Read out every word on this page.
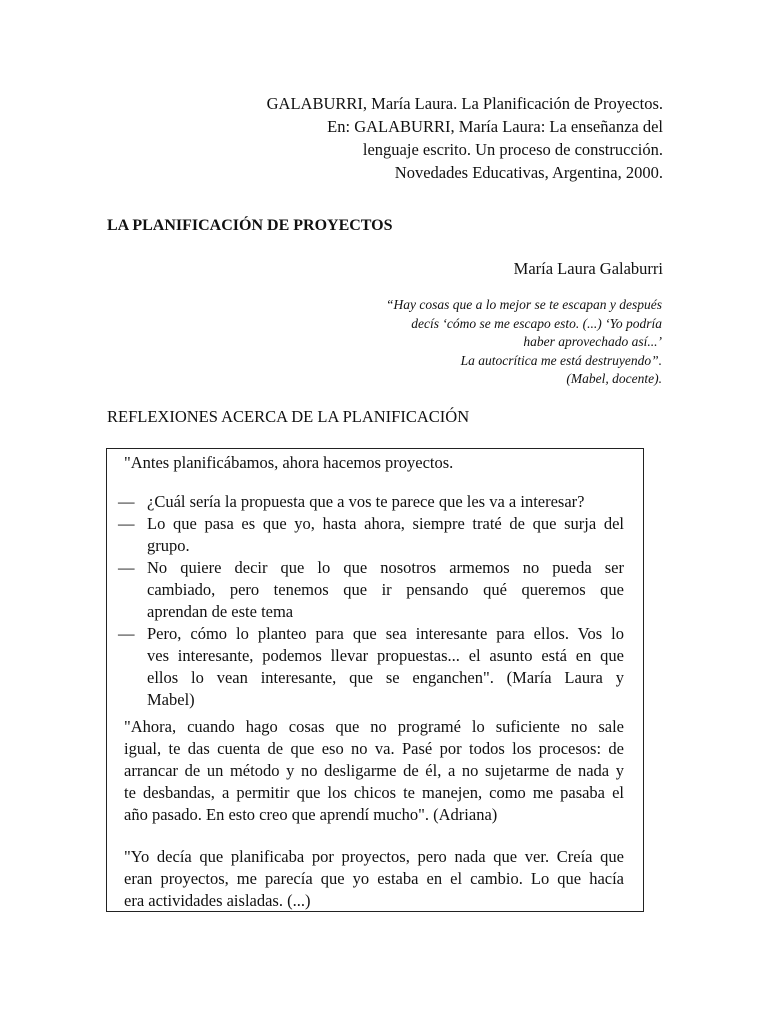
GALABURRI, María Laura. La Planificación de Proyectos.
En: GALABURRI, María Laura: La enseñanza del
lenguaje escrito. Un proceso de construcción.
Novedades Educativas, Argentina, 2000.
LA PLANIFICACIÓN DE PROYECTOS
María Laura Galaburri
“Hay cosas que a lo mejor se te escapan y después
decís ‘cómo se me escapo esto. (...) ‘Yo podría
haber aprovechado así...’
La autocrítica me está destruyendo”.
(Mabel, docente).
REFLEXIONES ACERCA DE LA PLANIFICACIÓN
"Antes planificábamos, ahora hacemos proyectos.
— ¿Cuál sería la propuesta que a vos te parece que les va a interesar?
— Lo que pasa es que yo, hasta ahora, siempre traté de que surja del
grupo.
— No quiere decir que lo que nosotros armemos no pueda ser
cambiado, pero tenemos que ir pensando qué queremos que
aprendan de este tema
— Pero, cómo lo planteo para que sea interesante para ellos. Vos lo
ves interesante, podemos llevar propuestas... el asunto está en que
ellos lo vean interesante, que se enganchen". (María Laura y
Mabel)
"Ahora, cuando hago cosas que no programé lo suficiente no sale
igual, te das cuenta de que eso no va. Pasé por todos los procesos: de
arrancar de un método y no desligarme de él, a no sujetarme de nada y
te desbandas, a permitir que los chicos te manejen, como me pasaba el
año pasado. En esto creo que aprendí mucho". (Adriana)
"Yo decía que planificaba por proyectos, pero nada que ver. Creía que
eran proyectos, me parecía que yo estaba en el cambio. Lo que hacía
era actividades aisladas. (...)
